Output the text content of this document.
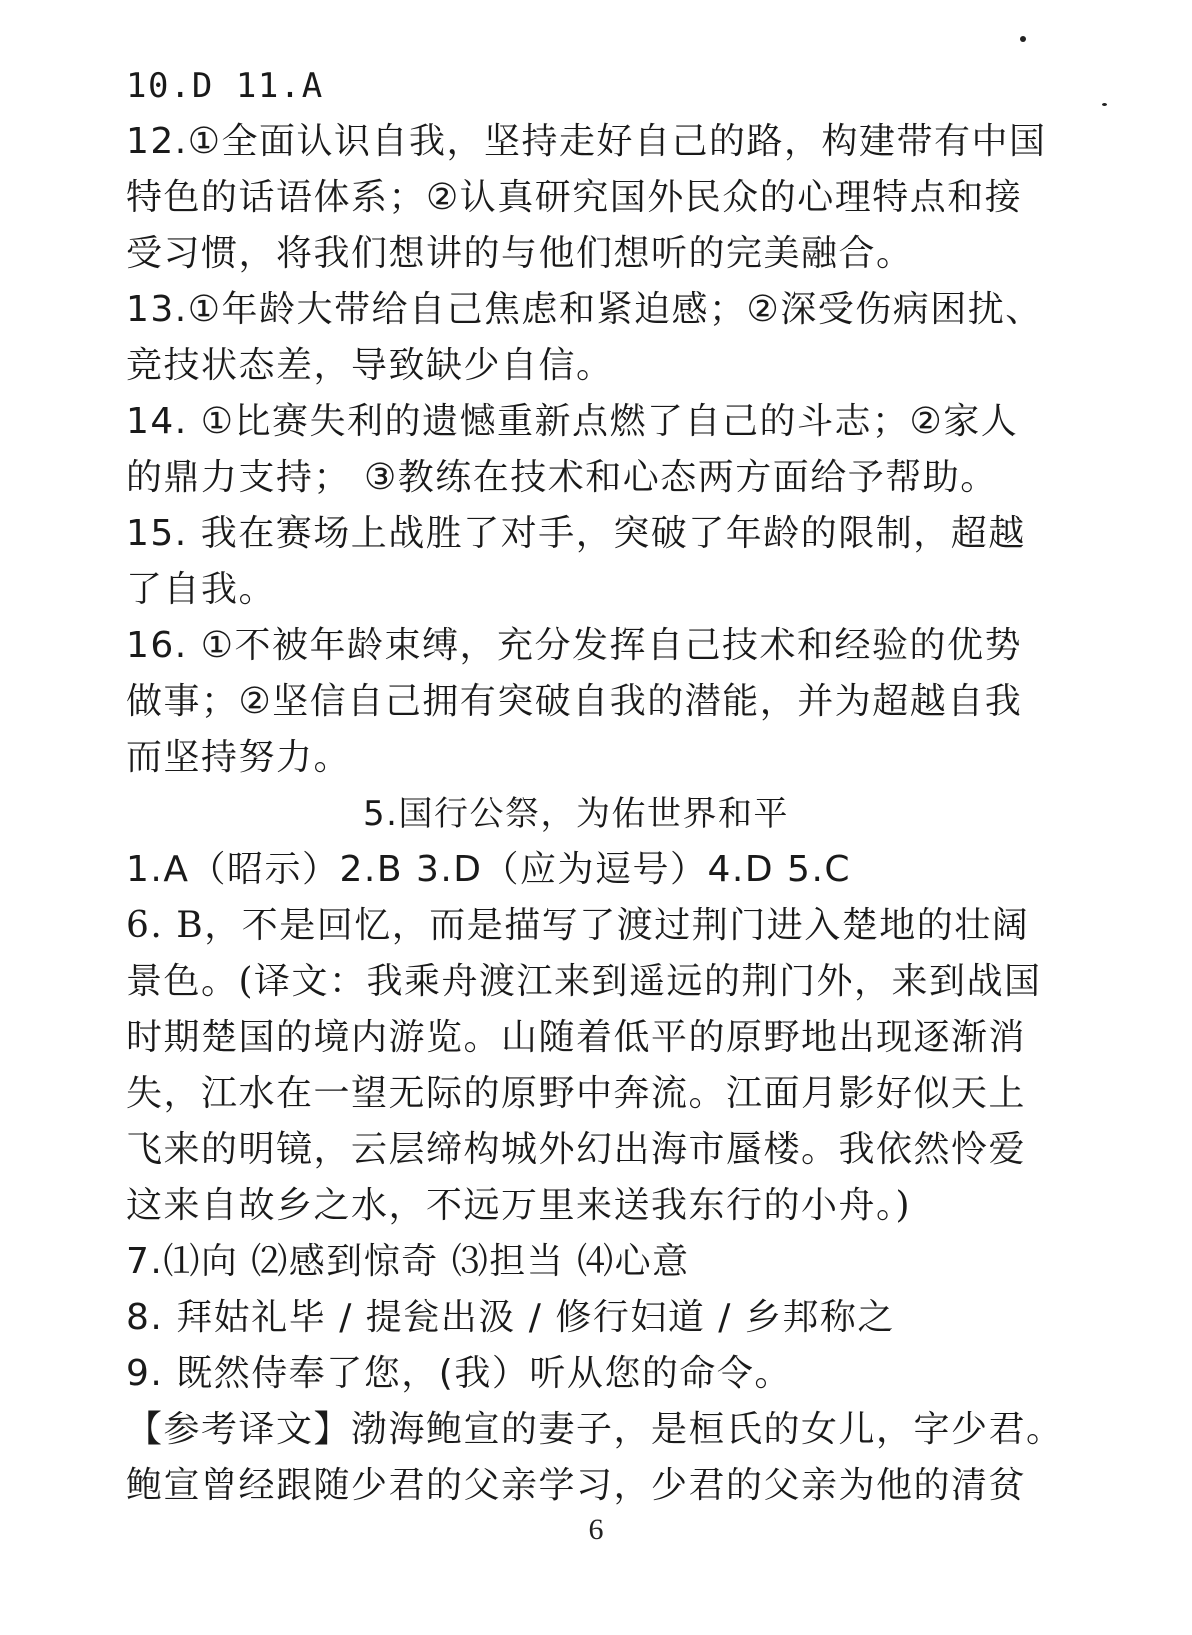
10.D 11.A
12.①全面认识自我，坚持走好自己的路，构建带有中国
特色的话语体系；②认真研究国外民众的心理特点和接
受习惯，将我们想讲的与他们想听的完美融合。
13.①年龄大带给自己焦虑和紧迫感；②深受伤病困扰、
竞技状态差，导致缺少自信。
14. ①比赛失利的遗憾重新点燃了自己的斗志；②家人
的鼎力支持； ③教练在技术和心态两方面给予帮助。
15. 我在赛场上战胜了对手，突破了年龄的限制，超越
了自我。
16. ①不被年龄束缚，充分发挥自己技术和经验的优势
做事；②坚信自己拥有突破自我的潜能，并为超越自我
而坚持努力。
5.国行公祭，为佑世界和平
1.A（昭示）2.B 3.D（应为逗号）4.D 5.C
6. B，不是回忆，而是描写了渡过荆门进入楚地的壮阔
景色。(译文：我乘舟渡江来到遥远的荆门外，来到战国
时期楚国的境内游览。山随着低平的原野地出现逐渐消
失，江水在一望无际的原野中奔流。江面月影好似天上
飞来的明镜，云层缔构城外幻出海市蜃楼。我依然怜爱
这来自故乡之水，不远万里来送我东行的小舟。)
7.⑴向 ⑵感到惊奇 ⑶担当 ⑷心意
8. 拜姑礼毕 / 提瓮出汲 / 修行妇道 / 乡邦称之
9. 既然侍奉了您，(我）听从您的命令。
【参考译文】渤海鲍宣的妻子，是桓氏的女儿，字少君。
鲍宣曾经跟随少君的父亲学习，少君的父亲为他的清贫
6
